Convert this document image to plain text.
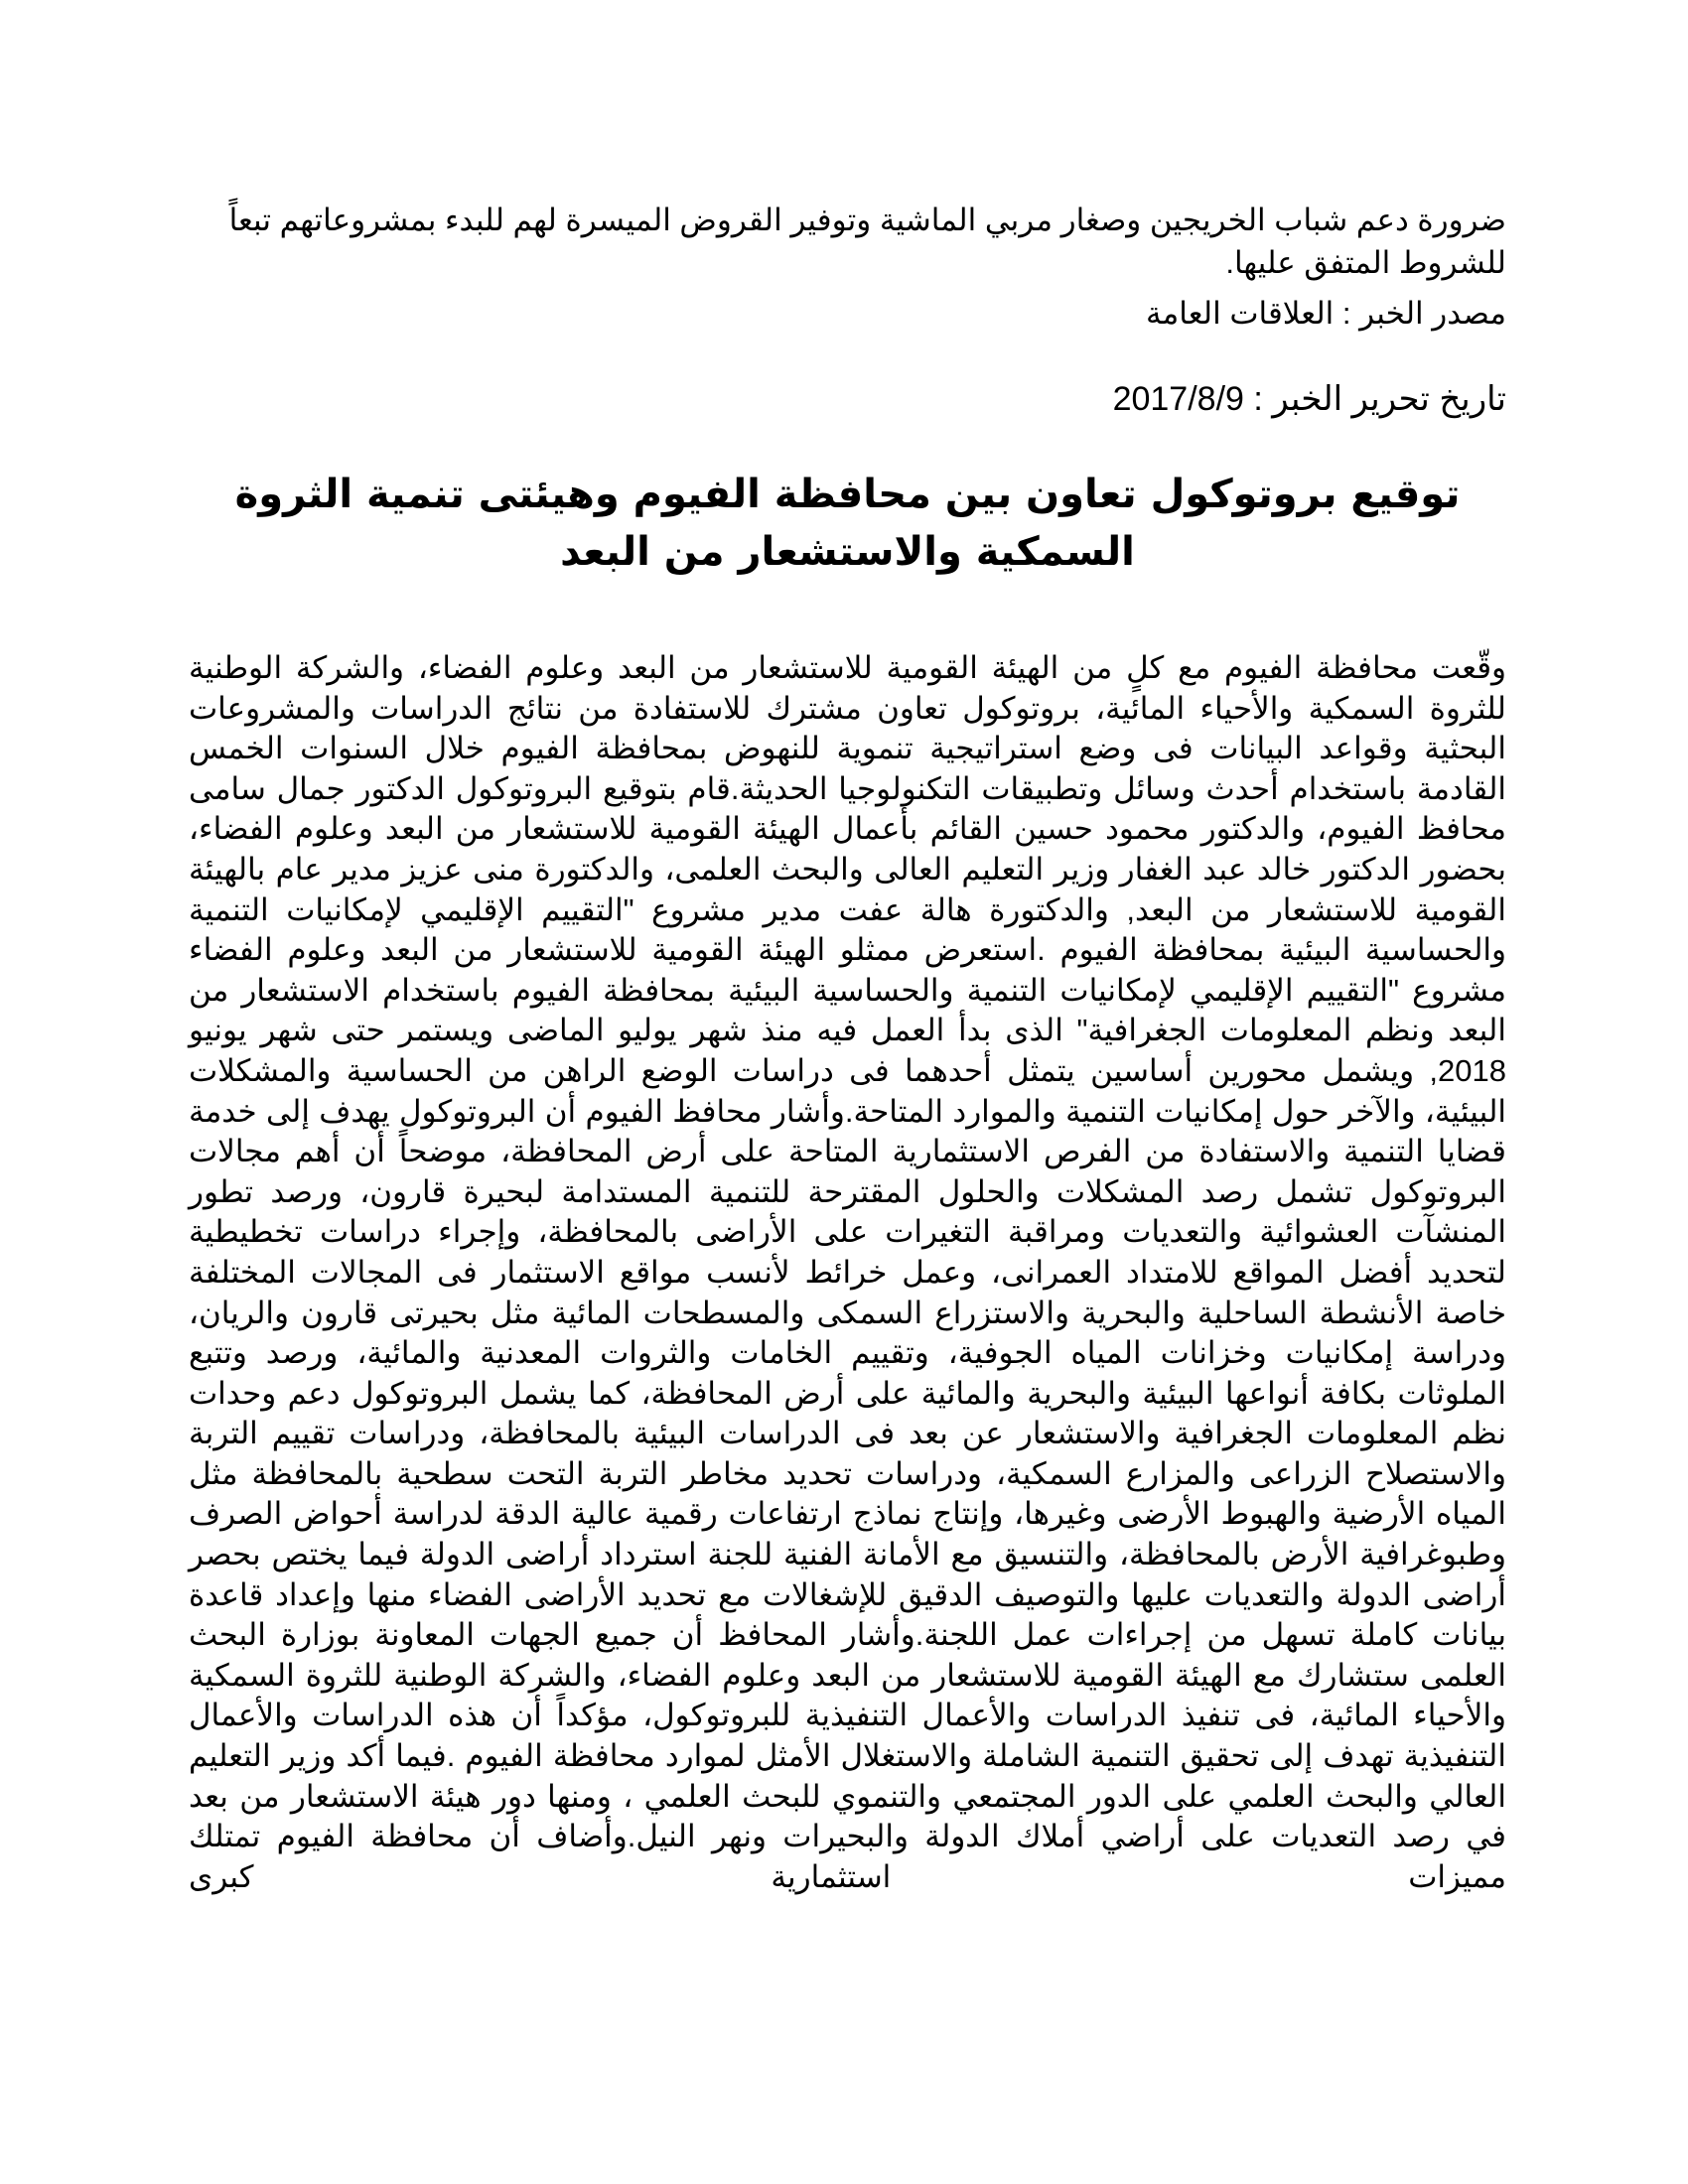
ضرورة دعم شباب الخريجين وصغار مربي الماشية وتوفير القروض الميسرة لهم للبدء بمشروعاتهم تبعاً للشروط المتفق عليها.

مصدر الخبر : العلاقات العامة

تاريخ تحرير الخبر : 2017/8/9

توقيع بروتوكول تعاون بين محافظة الفيوم وهيئتى تنمية الثروة السمكية والاستشعار من البعد

وقّعت محافظة الفيوم مع كلٍ من الهيئة القومية للاستشعار من البعد وعلوم الفضاء، والشركة الوطنية للثروة السمكية والأحياء المائية، بروتوكول تعاون مشترك للاستفادة من نتائج الدراسات والمشروعات البحثية وقواعد البيانات فى وضع استراتيجية تنموية للنهوض بمحافظة الفيوم خلال السنوات الخمس القادمة باستخدام أحدث وسائل وتطبيقات التكنولوجيا الحديثة.قام بتوقيع البروتوكول الدكتور جمال سامى محافظ الفيوم، والدكتور محمود حسين القائم بأعمال الهيئة القومية للاستشعار من البعد وعلوم الفضاء، بحضور الدكتور خالد عبد الغفار وزير التعليم العالى والبحث العلمى، والدكتورة منى عزيز مدير عام بالهيئة القومية للاستشعار من البعد, والدكتورة هالة عفت مدير مشروع "التقييم الإقليمي لإمكانيات التنمية والحساسية البيئية بمحافظة الفيوم .استعرض ممثلو الهيئة القومية للاستشعار من البعد وعلوم الفضاء مشروع "التقييم الإقليمي لإمكانيات التنمية والحساسية البيئية بمحافظة الفيوم باستخدام الاستشعار من البعد ونظم المعلومات الجغرافية" الذى بدأ العمل فيه منذ شهر يوليو الماضى ويستمر حتى شهر يونيو 2018, ويشمل محورين أساسين يتمثل أحدهما فى دراسات الوضع الراهن من الحساسية والمشكلات البيئية، والآخر حول إمكانيات التنمية والموارد المتاحة.وأشار محافظ الفيوم أن البروتوكول يهدف إلى خدمة قضايا التنمية والاستفادة من الفرص الاستثمارية المتاحة على أرض المحافظة، موضحاً أن أهم مجالات البروتوكول تشمل رصد المشكلات والحلول المقترحة للتنمية المستدامة لبحيرة قارون، ورصد تطور المنشآت العشوائية والتعديات ومراقبة التغيرات على الأراضى بالمحافظة، وإجراء دراسات تخطيطية لتحديد أفضل المواقع للامتداد العمرانى، وعمل خرائط لأنسب مواقع الاستثمار فى المجالات المختلفة خاصة الأنشطة الساحلية والبحرية والاستزراع السمكى والمسطحات المائية مثل بحيرتى قارون والريان، ودراسة إمكانيات وخزانات المياه الجوفية، وتقييم الخامات والثروات المعدنية والمائية، ورصد وتتبع الملوثات بكافة أنواعها البيئية والبحرية والمائية على أرض المحافظة، كما يشمل البروتوكول دعم وحدات نظم المعلومات الجغرافية والاستشعار عن بعد فى الدراسات البيئية بالمحافظة، ودراسات تقييم التربة والاستصلاح الزراعى والمزارع السمكية، ودراسات تحديد مخاطر التربة التحت سطحية بالمحافظة مثل المياه الأرضية والهبوط الأرضى وغيرها، وإنتاج نماذج ارتفاعات رقمية عالية الدقة لدراسة أحواض الصرف وطبوغرافية الأرض بالمحافظة، والتنسيق مع الأمانة الفنية للجنة استرداد أراضى الدولة فيما يختص بحصر أراضى الدولة والتعديات عليها والتوصيف الدقيق للإشغالات مع تحديد الأراضى الفضاء منها وإعداد قاعدة بيانات كاملة تسهل من إجراءات عمل اللجنة.وأشار المحافظ أن جميع الجهات المعاونة بوزارة البحث العلمى ستشارك مع الهيئة القومية للاستشعار من البعد وعلوم الفضاء، والشركة الوطنية للثروة السمكية والأحياء المائية، فى تنفيذ الدراسات والأعمال التنفيذية للبروتوكول، مؤكداً أن هذه الدراسات والأعمال التنفيذية تهدف إلى تحقيق التنمية الشاملة والاستغلال الأمثل لموارد محافظة الفيوم .فيما أكد وزير التعليم العالي والبحث العلمي على الدور المجتمعي والتنموي للبحث العلمي ، ومنها دور هيئة الاستشعار من بعد في رصد التعديات على أراضي أملاك الدولة والبحيرات ونهر النيل.وأضاف أن محافظة الفيوم تمتلك مميزات استثمارية كبرى
